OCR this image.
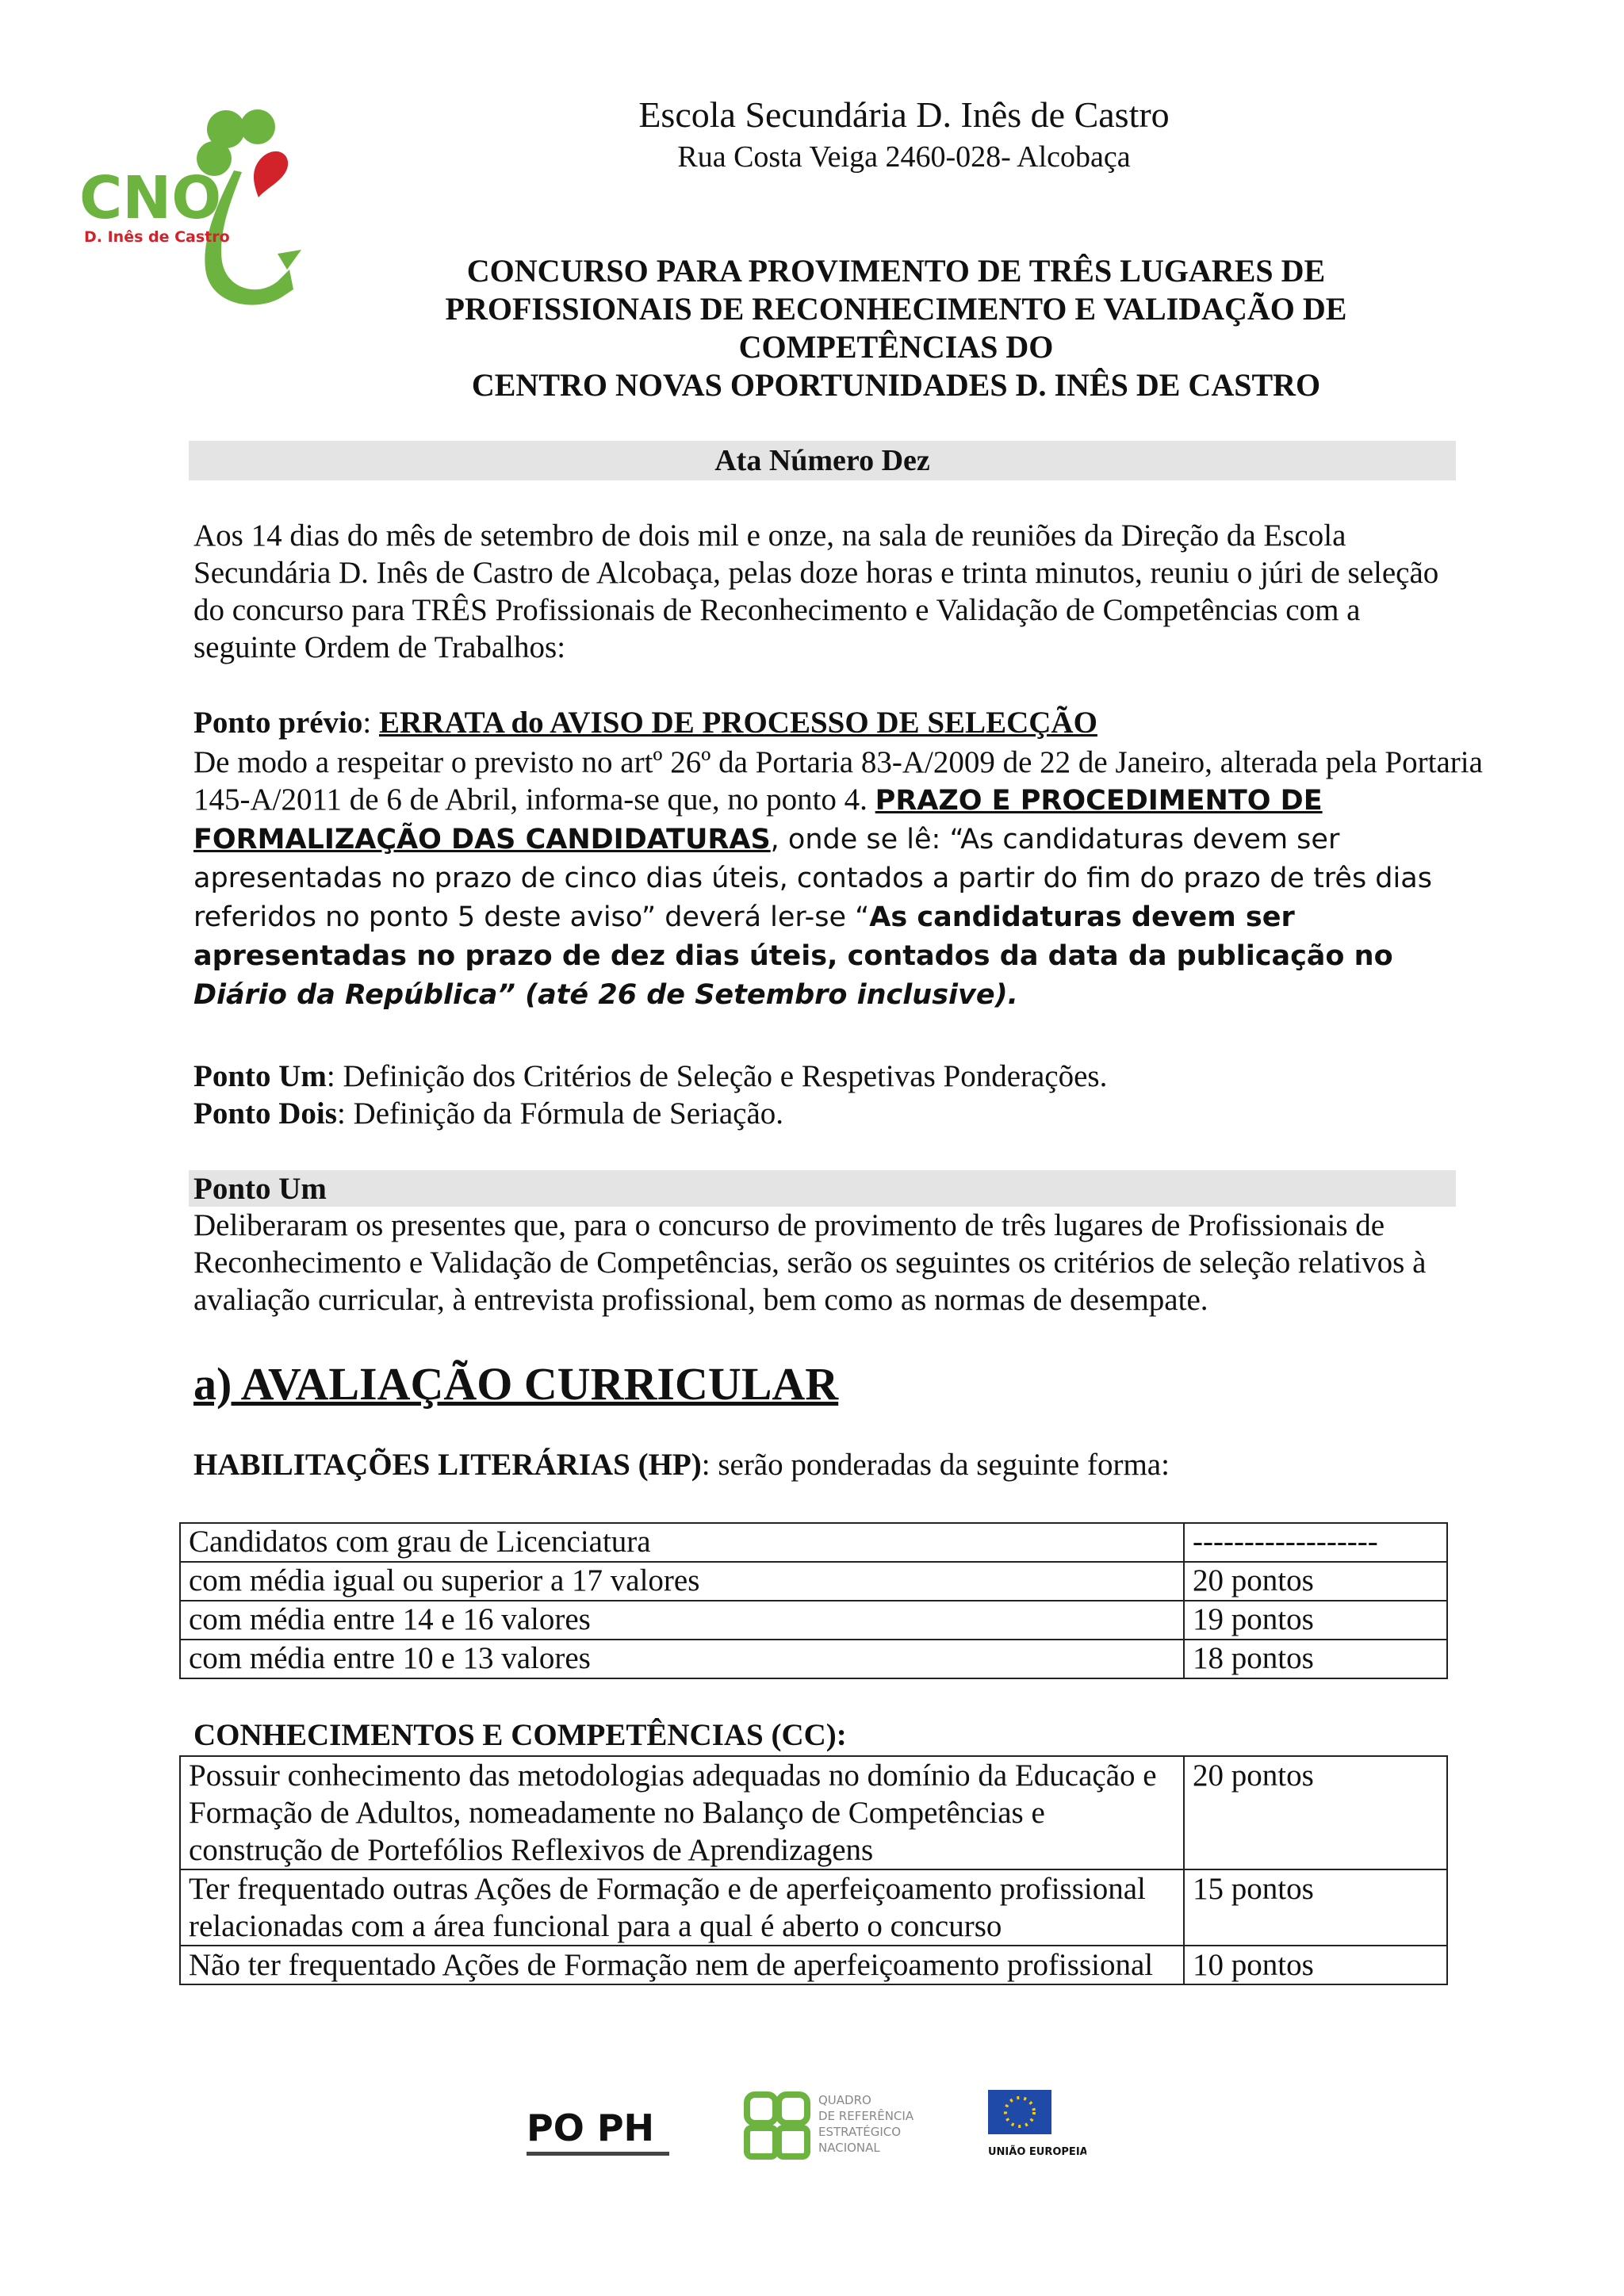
CNO
D. Inês de Castro
Escola Secundária D. Inês de Castro
Rua Costa Veiga 2460-028- Alcobaça
CONCURSO PARA PROVIMENTO DE TRÊS LUGARES DE
PROFISSIONAIS DE RECONHECIMENTO E VALIDAÇÃO DE
COMPETÊNCIAS DO
CENTRO NOVAS OPORTUNIDADES D. INÊS DE CASTRO
Ata Número Dez
Aos 14 dias do mês de setembro de dois mil e onze, na sala de reuniões da Direção da Escola Secundária D. Inês de Castro de Alcobaça, pelas doze horas e trinta minutos, reuniu o júri de seleção do concurso para TRÊS Profissionais de Reconhecimento e Validação de Competências com a seguinte Ordem de Trabalhos:
Ponto prévio: ERRATA do AVISO DE PROCESSO DE SELECÇÃO
De modo a respeitar o previsto no artº 26º da Portaria 83-A/2009 de 22 de Janeiro, alterada pela Portaria 145-A/2011 de 6 de Abril, informa-se que, no ponto 4. PRAZO E PROCEDIMENTO DE FORMALIZAÇÃO DAS CANDIDATURAS, onde se lê: “As candidaturas devem ser apresentadas no prazo de cinco dias úteis, contados a partir do fim do prazo de três dias referidos no ponto 5 deste aviso” deverá ler-se “As candidaturas devem ser apresentadas no prazo de dez dias úteis, contados da data da publicação no Diário da República” (até 26 de Setembro inclusive).
Ponto Um: Definição dos Critérios de Seleção e Respetivas Ponderações.
Ponto Dois: Definição da Fórmula de Seriação.
Ponto Um
Deliberaram os presentes que, para o concurso de provimento de três lugares de Profissionais de Reconhecimento e Validação de Competências, serão os seguintes os critérios de seleção relativos à avaliação curricular, à entrevista profissional, bem como as normas de desempate.
a) AVALIAÇÃO CURRICULAR
HABILITAÇÕES LITERÁRIAS (HP): serão ponderadas da seguinte forma:
Candidatos com grau de Licenciatura	------------------
com média igual ou superior a 17 valores	20 pontos
com média entre 14 e 16 valores	19 pontos
com média entre 10 e 13 valores	18 pontos
CONHECIMENTOS E COMPETÊNCIAS (CC):
Possuir conhecimento das metodologias adequadas no domínio da Educação e Formação de Adultos, nomeadamente no Balanço de Competências e construção de Portefólios Reflexivos de Aprendizagens	20 pontos
Ter frequentado outras Ações de Formação e de aperfeiçoamento profissional relacionadas com a área funcional para a qual é aberto o concurso	15 pontos
Não ter frequentado Ações de Formação nem de aperfeiçoamento profissional	10 pontos
PO PH
QUADRO
DE REFERÊNCIA
ESTRATÉGICO
NACIONAL	UNIÃO EUROPEIA
